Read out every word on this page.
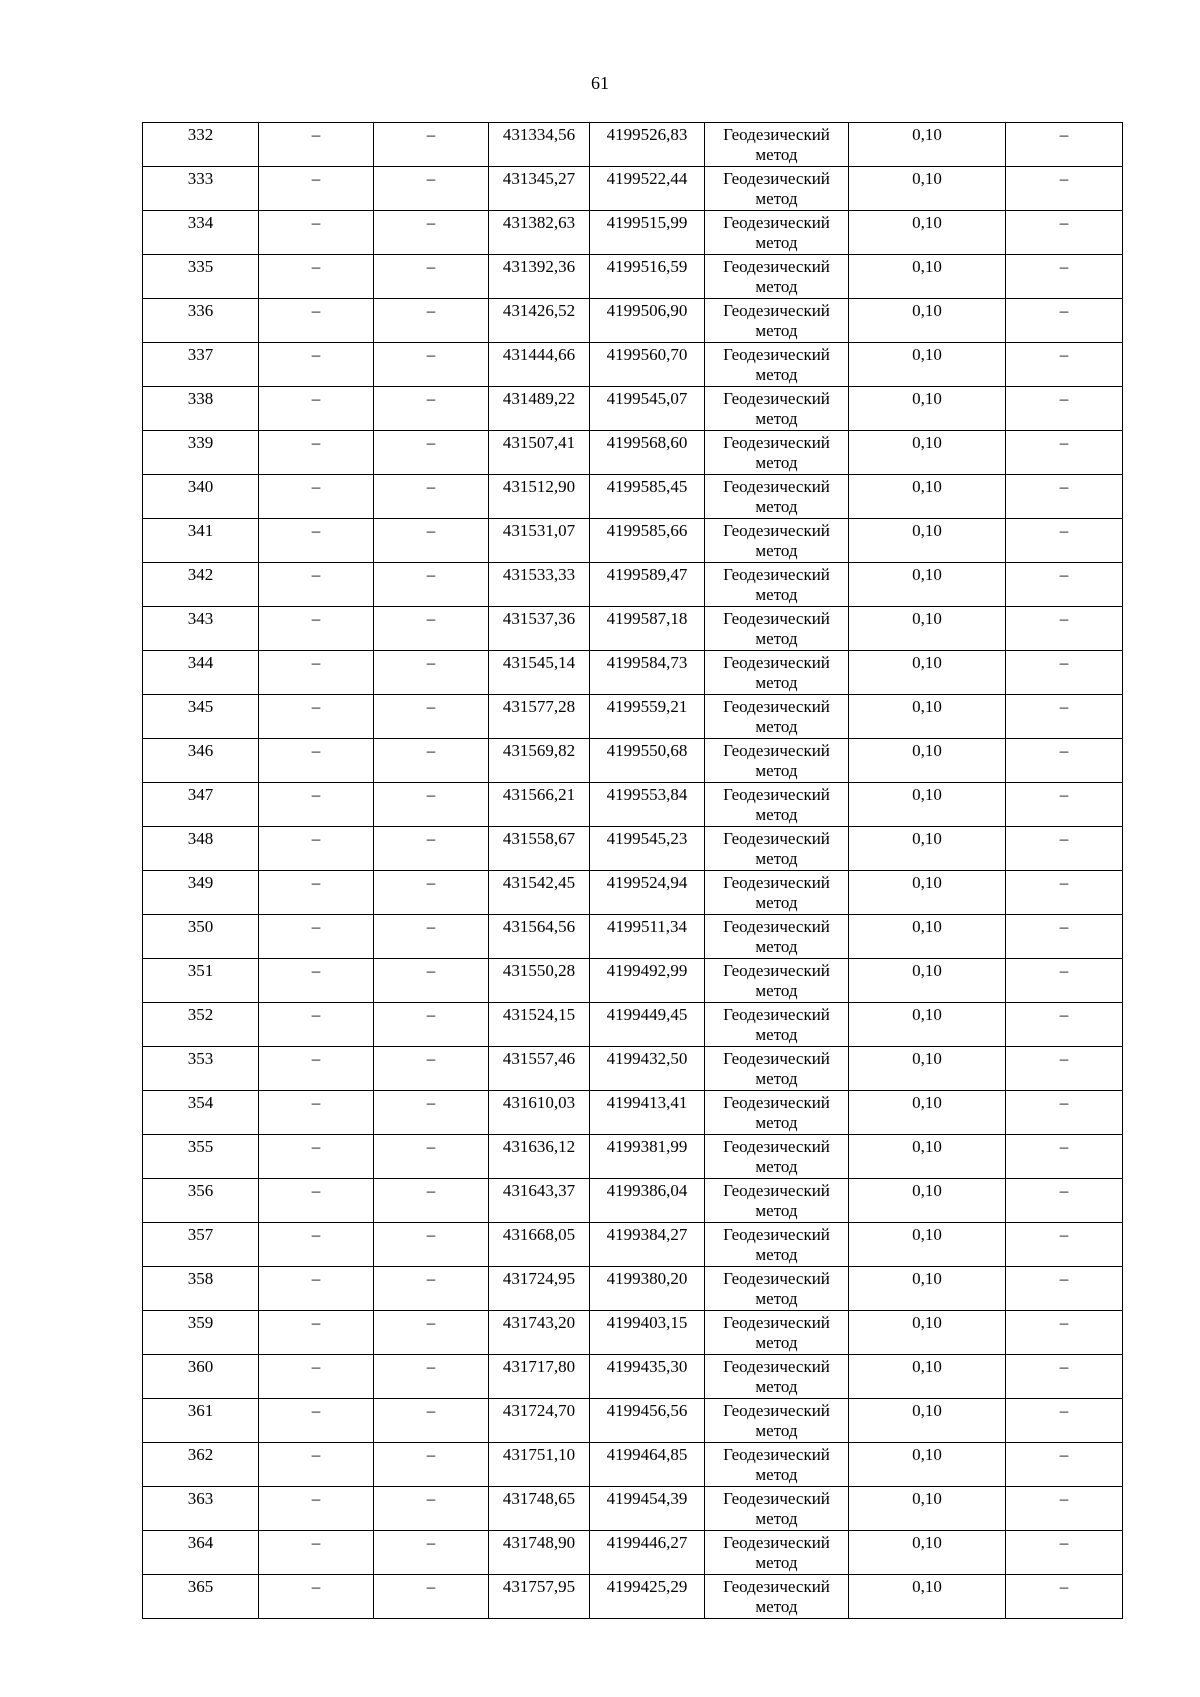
61
332	–	–	431334,56	4199526,83	Геодезический метод	0,10	–
333	–	–	431345,27	4199522,44	Геодезический метод	0,10	–
334	–	–	431382,63	4199515,99	Геодезический метод	0,10	–
335	–	–	431392,36	4199516,59	Геодезический метод	0,10	–
336	–	–	431426,52	4199506,90	Геодезический метод	0,10	–
337	–	–	431444,66	4199560,70	Геодезический метод	0,10	–
338	–	–	431489,22	4199545,07	Геодезический метод	0,10	–
339	–	–	431507,41	4199568,60	Геодезический метод	0,10	–
340	–	–	431512,90	4199585,45	Геодезический метод	0,10	–
341	–	–	431531,07	4199585,66	Геодезический метод	0,10	–
342	–	–	431533,33	4199589,47	Геодезический метод	0,10	–
343	–	–	431537,36	4199587,18	Геодезический метод	0,10	–
344	–	–	431545,14	4199584,73	Геодезический метод	0,10	–
345	–	–	431577,28	4199559,21	Геодезический метод	0,10	–
346	–	–	431569,82	4199550,68	Геодезический метод	0,10	–
347	–	–	431566,21	4199553,84	Геодезический метод	0,10	–
348	–	–	431558,67	4199545,23	Геодезический метод	0,10	–
349	–	–	431542,45	4199524,94	Геодезический метод	0,10	–
350	–	–	431564,56	4199511,34	Геодезический метод	0,10	–
351	–	–	431550,28	4199492,99	Геодезический метод	0,10	–
352	–	–	431524,15	4199449,45	Геодезический метод	0,10	–
353	–	–	431557,46	4199432,50	Геодезический метод	0,10	–
354	–	–	431610,03	4199413,41	Геодезический метод	0,10	–
355	–	–	431636,12	4199381,99	Геодезический метод	0,10	–
356	–	–	431643,37	4199386,04	Геодезический метод	0,10	–
357	–	–	431668,05	4199384,27	Геодезический метод	0,10	–
358	–	–	431724,95	4199380,20	Геодезический метод	0,10	–
359	–	–	431743,20	4199403,15	Геодезический метод	0,10	–
360	–	–	431717,80	4199435,30	Геодезический метод	0,10	–
361	–	–	431724,70	4199456,56	Геодезический метод	0,10	–
362	–	–	431751,10	4199464,85	Геодезический метод	0,10	–
363	–	–	431748,65	4199454,39	Геодезический метод	0,10	–
364	–	–	431748,90	4199446,27	Геодезический метод	0,10	–
365	–	–	431757,95	4199425,29	Геодезический метод	0,10	–
